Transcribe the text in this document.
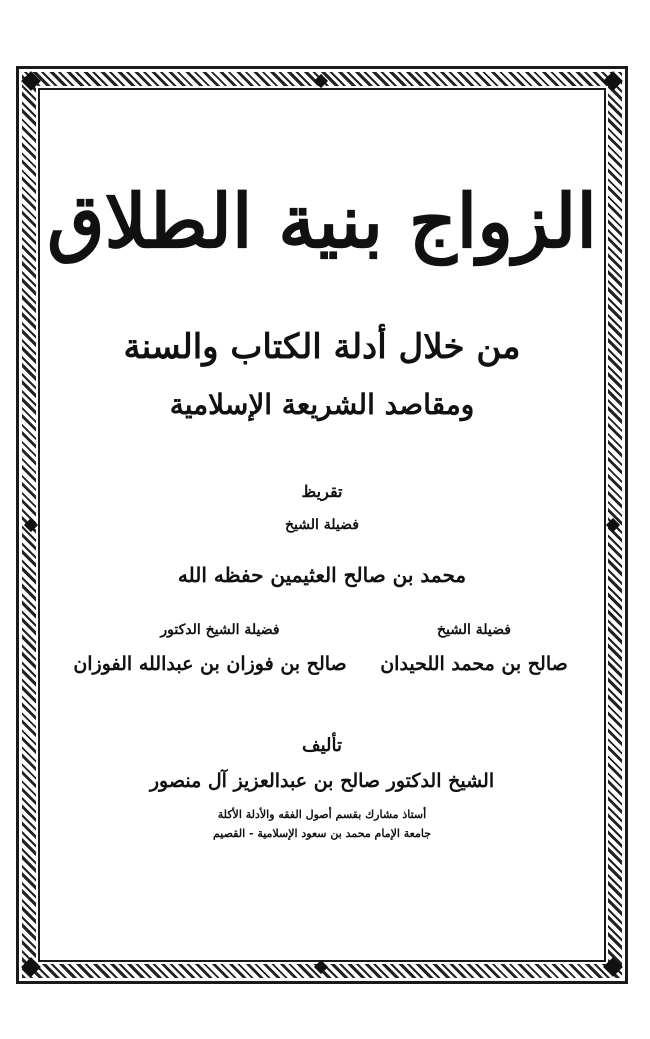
الزواج بنية الطلاق
من خلال أدلة الكتاب والسنة
ومقاصد الشريعة الإسلامية
تقريظ
فضيلة الشيخ
محمد بن صالح العثيمين حفظه الله
فضيلة الشيخ
صالح بن محمد اللحيدان
فضيلة الشيخ الدكتور
صالح بن فوزان بن عبدالله الفوزان
تأليف
الشيخ الدكتور صالح بن عبدالعزيز آل منصور
أستاذ مشارك بقسم أصول الفقه والأدلة الأكلة
جامعة الإمام محمد بن سعود الإسلامية - القصيم
